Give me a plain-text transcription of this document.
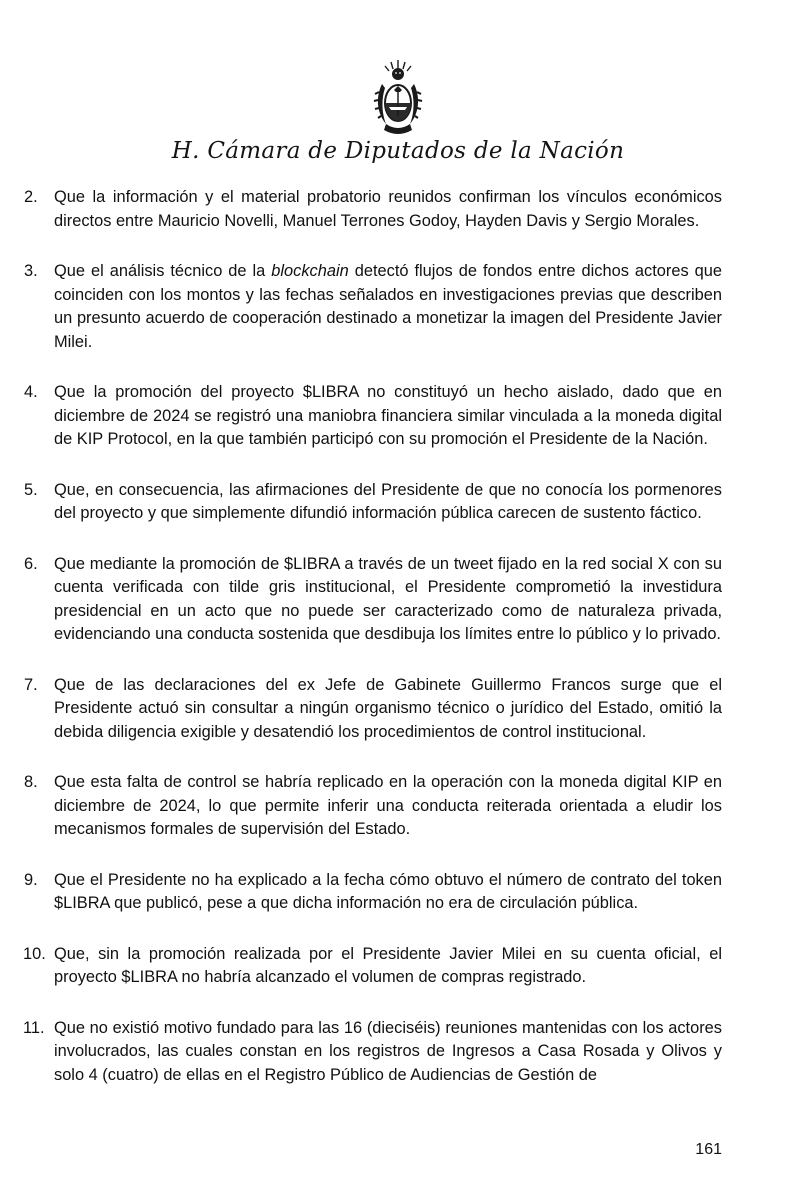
H. Cámara de Diputados de la Nación
2. Que la información y el material probatorio reunidos confirman los vínculos económicos directos entre Mauricio Novelli, Manuel Terrones Godoy, Hayden Davis y Sergio Morales.
3. Que el análisis técnico de la blockchain detectó flujos de fondos entre dichos actores que coinciden con los montos y las fechas señalados en investigaciones previas que describen un presunto acuerdo de cooperación destinado a monetizar la imagen del Presidente Javier Milei.
4. Que la promoción del proyecto $LIBRA no constituyó un hecho aislado, dado que en diciembre de 2024 se registró una maniobra financiera similar vinculada a la moneda digital de KIP Protocol, en la que también participó con su promoción el Presidente de la Nación.
5. Que, en consecuencia, las afirmaciones del Presidente de que no conocía los pormenores del proyecto y que simplemente difundió información pública carecen de sustento fáctico.
6. Que mediante la promoción de $LIBRA a través de un tweet fijado en la red social X con su cuenta verificada con tilde gris institucional, el Presidente comprometió la investidura presidencial en un acto que no puede ser caracterizado como de naturaleza privada, evidenciando una conducta sostenida que desdibuja los límites entre lo público y lo privado.
7. Que de las declaraciones del ex Jefe de Gabinete Guillermo Francos surge que el Presidente actuó sin consultar a ningún organismo técnico o jurídico del Estado, omitió la debida diligencia exigible y desatendió los procedimientos de control institucional.
8. Que esta falta de control se habría replicado en la operación con la moneda digital KIP en diciembre de 2024, lo que permite inferir una conducta reiterada orientada a eludir los mecanismos formales de supervisión del Estado.
9. Que el Presidente no ha explicado a la fecha cómo obtuvo el número de contrato del token $LIBRA que publicó, pese a que dicha información no era de circulación pública.
10. Que, sin la promoción realizada por el Presidente Javier Milei en su cuenta oficial, el proyecto $LIBRA no habría alcanzado el volumen de compras registrado.
11. Que no existió motivo fundado para las 16 (dieciséis) reuniones mantenidas con los actores involucrados, las cuales constan en los registros de Ingresos a Casa Rosada y Olivos y solo 4 (cuatro) de ellas en el Registro Público de Audiencias de Gestión de
161
